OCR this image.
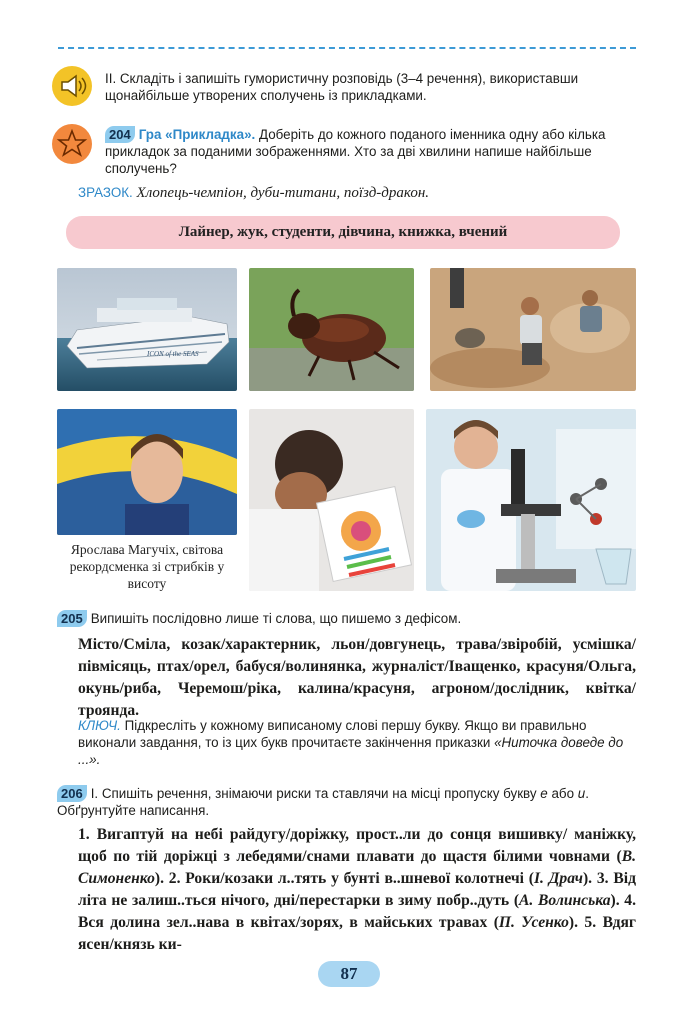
II. Складіть і запишіть гумористичну розповідь (3–4 речення), використавши щонайбільше утворених сполучень із прикладками.
204 Гра «Прикладка». Доберіть до кожного поданого іменника одну або кілька прикладок за поданими зображеннями. Хто за дві хвилини напише найбільше сполучень?
ЗРАЗОК. Хлопець-чемпіон, дуби-титани, поїзд-дракон.
Лайнер, жук, студенти, дівчина, книжка, вчений
ICON of the SEAS
Ярослава Магучіх, світова рекордсменка зі стрибків у висоту
205 Випишіть послідовно лише ті слова, що пишемо з дефісом.
Місто/Сміла, козак/характерник, льон/довгунець, трава/звіробій, усмішка/півмісяць, птах/орел, бабуся/волинянка, журналіст/Іващенко, красуня/Ольга, окунь/риба, Черемош/ріка, калина/красуня, агроном/дослідник, квітка/троянда.
КЛЮЧ. Підкресліть у кожному виписаному слові першу букву. Якщо ви правильно виконали завдання, то із цих букв прочитаєте закінчення приказки «Ниточка доведе до ...».
206 I. Спишіть речення, знімаючи риски та ставлячи на місці пропуску букву е або и. Обґрунтуйте написання.
1. Вигаптуй на небі райдугу/доріжку, прост..ли до сонця вишивку/ маніжку, щоб по тій доріжці з лебедями/снами плавати до щастя білими човнами (В. Симоненко). 2. Роки/козаки л..тять у бунті в..шневої колотнечі (І. Драч). 3. Від літа не залиш..ться нічого, дні/перестарки в зиму побр..дуть (А. Волинська). 4. Вся долина зел..нава в квітах/зорях, в майських травах (П. Усенко). 5. Вдяг ясен/князь ки-
87
